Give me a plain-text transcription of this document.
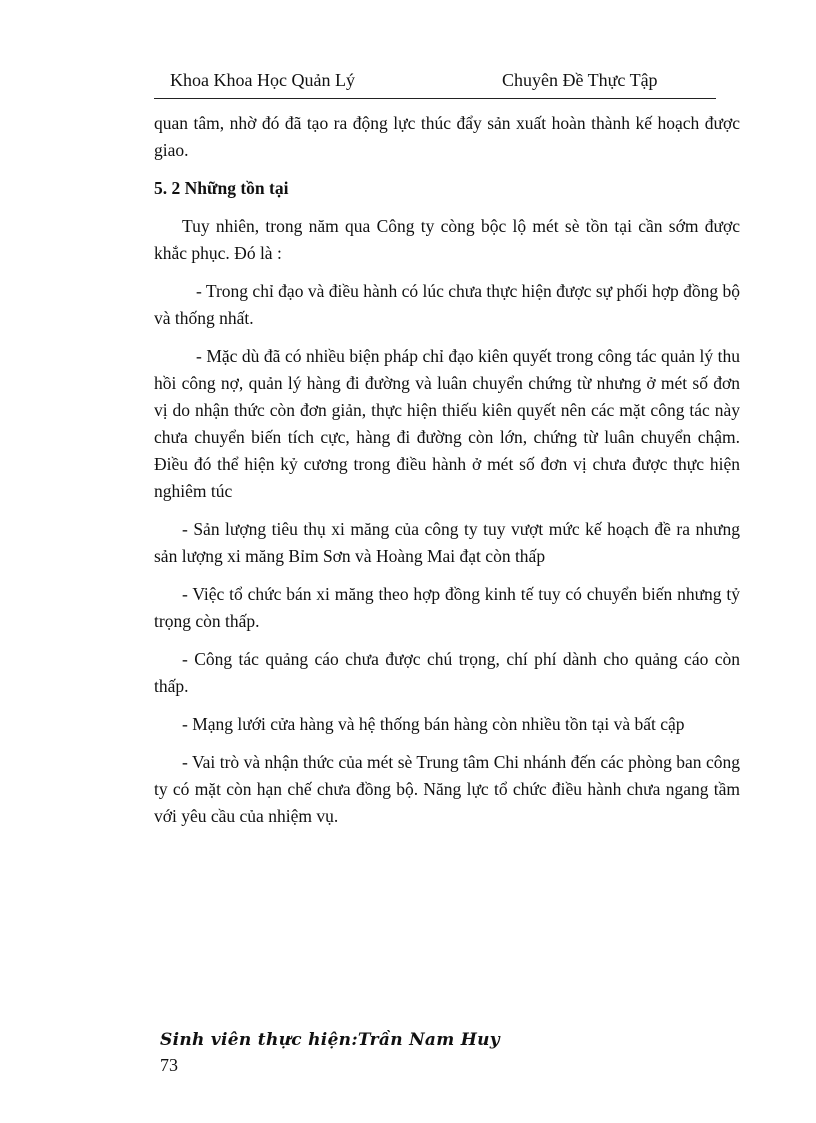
Khoa Khoa Học Quản Lý	Chuyên Đề Thực Tập

quan tâm, nhờ đó đã tạo ra động lực thúc đẩy sản xuất hoàn thành kế hoạch được giao.

5. 2 Những tồn tại

Tuy nhiên, trong năm qua Công ty còng bộc lộ mét sè tồn tại cần sớm được khắc phục. Đó là :

- Trong chỉ đạo và điều hành có lúc chưa thực hiện được sự phối hợp đồng bộ và thống nhất.

- Mặc dù đã có nhiều biện pháp chỉ đạo kiên quyết trong công tác quản lý thu hồi công nợ, quản lý hàng đi đường và luân chuyển chứng từ nhưng ở mét số đơn vị do nhận thức còn đơn giản, thực hiện thiếu kiên quyết nên các mặt công tác này chưa chuyển biến tích cực, hàng đi đường còn lớn, chứng từ luân chuyển chậm. Điều đó thể hiện kỷ cương trong điều hành ở mét số đơn vị chưa được thực hiện nghiêm túc

- Sản lượng tiêu thụ xi măng của công ty tuy vượt mức kế hoạch đề ra nhưng sản lượng xi măng Bỉm Sơn và Hoàng Mai đạt còn thấp

- Việc tổ chức bán xi măng theo hợp đồng kinh tế tuy có chuyển biến nhưng tỷ trọng còn thấp.

- Công tác quảng cáo chưa được chú trọng, chí phí dành cho quảng cáo còn thấp.

- Mạng lưới cửa hàng và hệ thống bán hàng còn nhiều tồn tại và bất cập

- Vai trò và nhận thức của mét sè Trung tâm Chi nhánh đến các phòng ban công ty có mặt còn hạn chế chưa đồng bộ. Năng lực tổ chức điều hành chưa ngang tầm với yêu cầu của nhiệm vụ.

Sinh viên thực hiện:Trần Nam Huy
73
